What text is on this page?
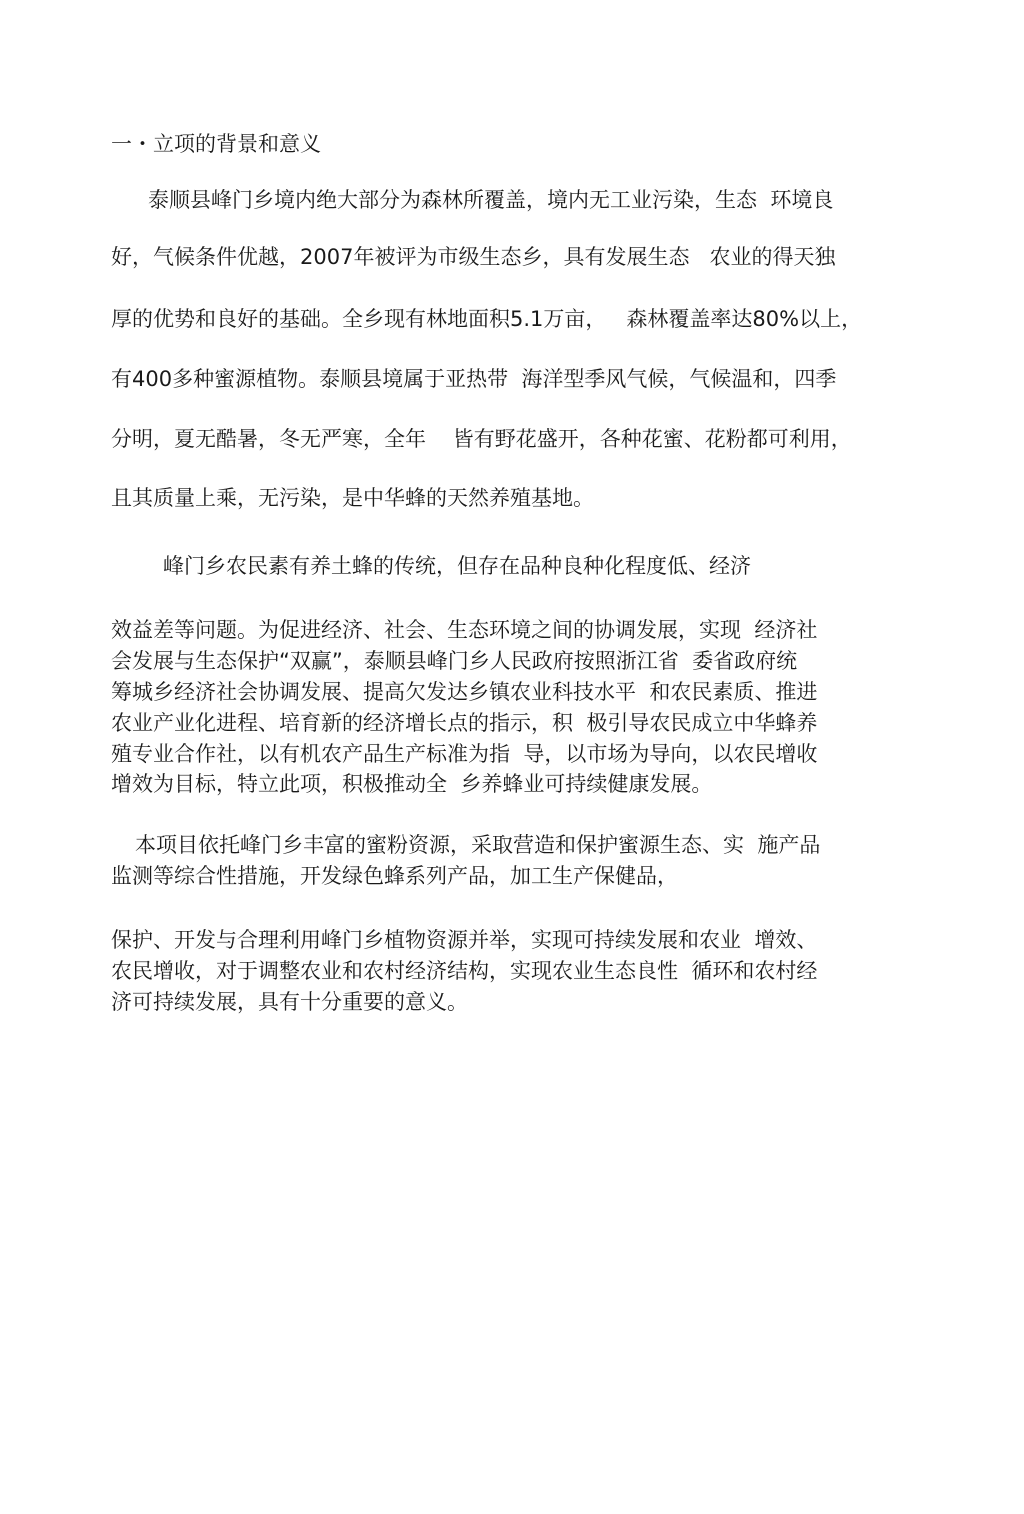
一・立项的背景和意义
泰顺县峰门乡境内绝大部分为森林所覆盖，境内无工业污染，生态  环境良
好，气候条件优越，2007年被评为市级生态乡，具有发展生态   农业的得天独
厚的优势和良好的基础。全乡现有林地面积5.1万亩，   森林覆盖率达80%以上，
有400多种蜜源植物。泰顺县境属于亚热带  海洋型季风气候，气候温和，四季
分明，夏无酷暑，冬无严寒，全年    皆有野花盛开，各种花蜜、花粉都可利用，
且其质量上乘，无污染，是中华蜂的天然养殖基地。
峰门乡农民素有养土蜂的传统，但存在品种良种化程度低、经济
效益差等问题。为促进经济、社会、生态环境之间的协调发展，实现  经济社
会发展与生态保护“双赢”，泰顺县峰门乡人民政府按照浙江省  委省政府统
筹城乡经济社会协调发展、提高欠发达乡镇农业科技水平  和农民素质、推进
农业产业化进程、培育新的经济增长点的指示，积  极引导农民成立中华蜂养
殖专业合作社，以有机农产品生产标准为指  导，以市场为导向，以农民增收
增效为目标，特立此项，积极推动全  乡养蜂业可持续健康发展。
本项目依托峰门乡丰富的蜜粉资源，采取营造和保护蜜源生态、实  施产品
监测等综合性措施，开发绿色蜂系列产品，加工生产保健品，
保护、开发与合理利用峰门乡植物资源并举，实现可持续发展和农业  增效、
农民增收，对于调整农业和农村经济结构，实现农业生态良性  循环和农村经
济可持续发展，具有十分重要的意义。
